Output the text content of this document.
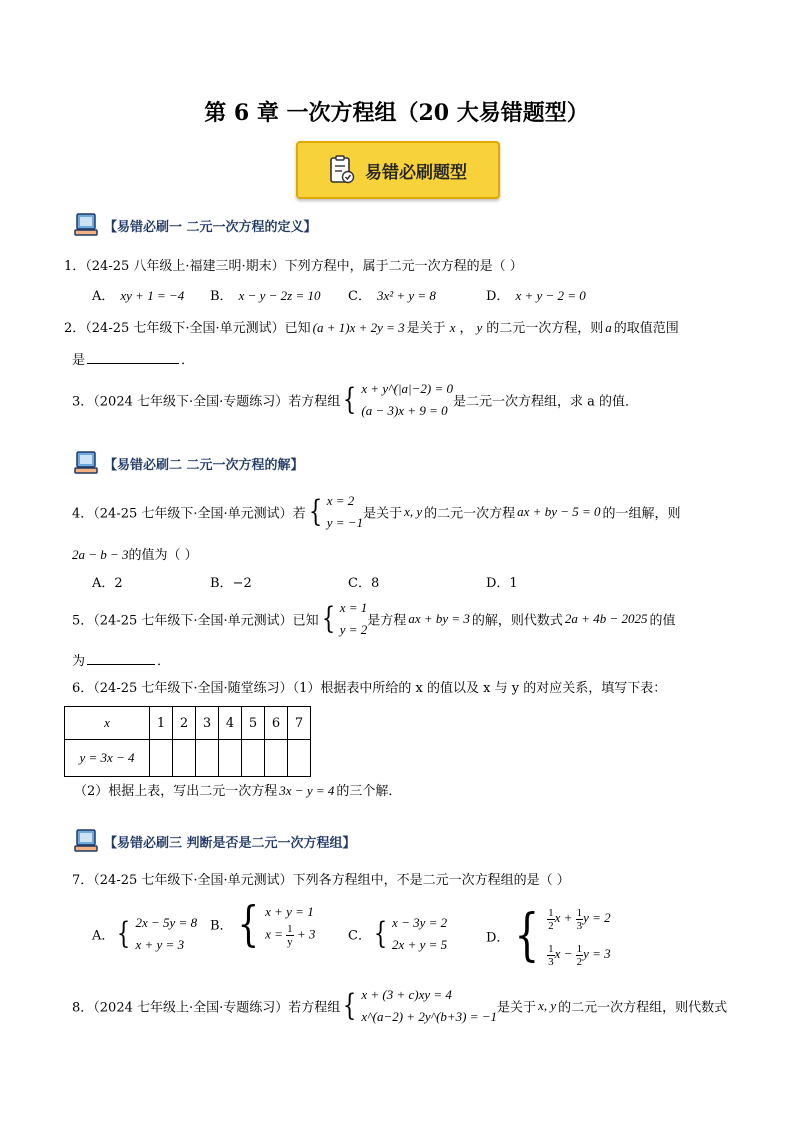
第 6 章 一次方程组（20 大易错题型）
易错必刷题型
【易错必刷一 二元一次方程的定义】
1．（24-25 八年级上·福建三明·期末）下列方程中，属于二元一次方程的是（ ）
A． xy + 1 = −4 B． x − y − 2z = 10 C． 3x² + y = 8	D． x + y − 2 = 0
2．（24-25 七年级下·全国·单元测试）已知 (a + 1)x + 2y = 3 是关于 x ， y 的二元一次方程，则 a 的取值范围
是	．
3．（2024 七年级下·全国·专题练习）若方程组 { x + y^(|a|−2) = 0
(a − 3)x + 9 = 0
是二元一次方程组，求 a 的值．
【易错必刷二 二元一次方程的解】
4．（24-25 七年级下·全国·单元测试）若 { x = 2
y = −1
是关于 x, y 的二元一次方程 ax + by − 5 = 0 的一组解，则
2a − b − 3的值为（ ）
A．2	B．−2	C．8	D．1
5．（24-25 七年级下·全国·单元测试）已知 { x = 1
y = 2
是方程 ax + by = 3 的解，则代数式 2a + 4b − 2025 的值
为	．
6．（24-25 七年级下·全国·随堂练习）（1）根据表中所给的 x 的值以及 x 与 y 的对应关系，填写下表：
x	1	2	3	4	5	6	7
y = 3x − 4							
（2）根据上表，写出二元一次方程 3x − y = 4 的三个解．
【易错必刷三 判断是否是二元一次方程组】
7．（24-25 七年级下·全国·单元测试）下列各方程组中，不是二元一次方程组的是（ ）
A． { 2x − 5y = 8
x + y = 3
B． { x + y = 1
$x = \frac{1}{y} + 3$	C． { x − 3y = 2
2x + y = 5	D． { $\frac{1}{2}$ $x + \frac{1}{3}$ y = 2
$\frac{1}{3}$ $x - \frac{1}{2}$ y = 3
8．（2024 七年级上·全国·专题练习）若方程组 { x + (3 + c)xy = 4
x^(a−2) + 2y^(b+3) = −1
是关于 x, y 的二元一次方程组，则代数式
